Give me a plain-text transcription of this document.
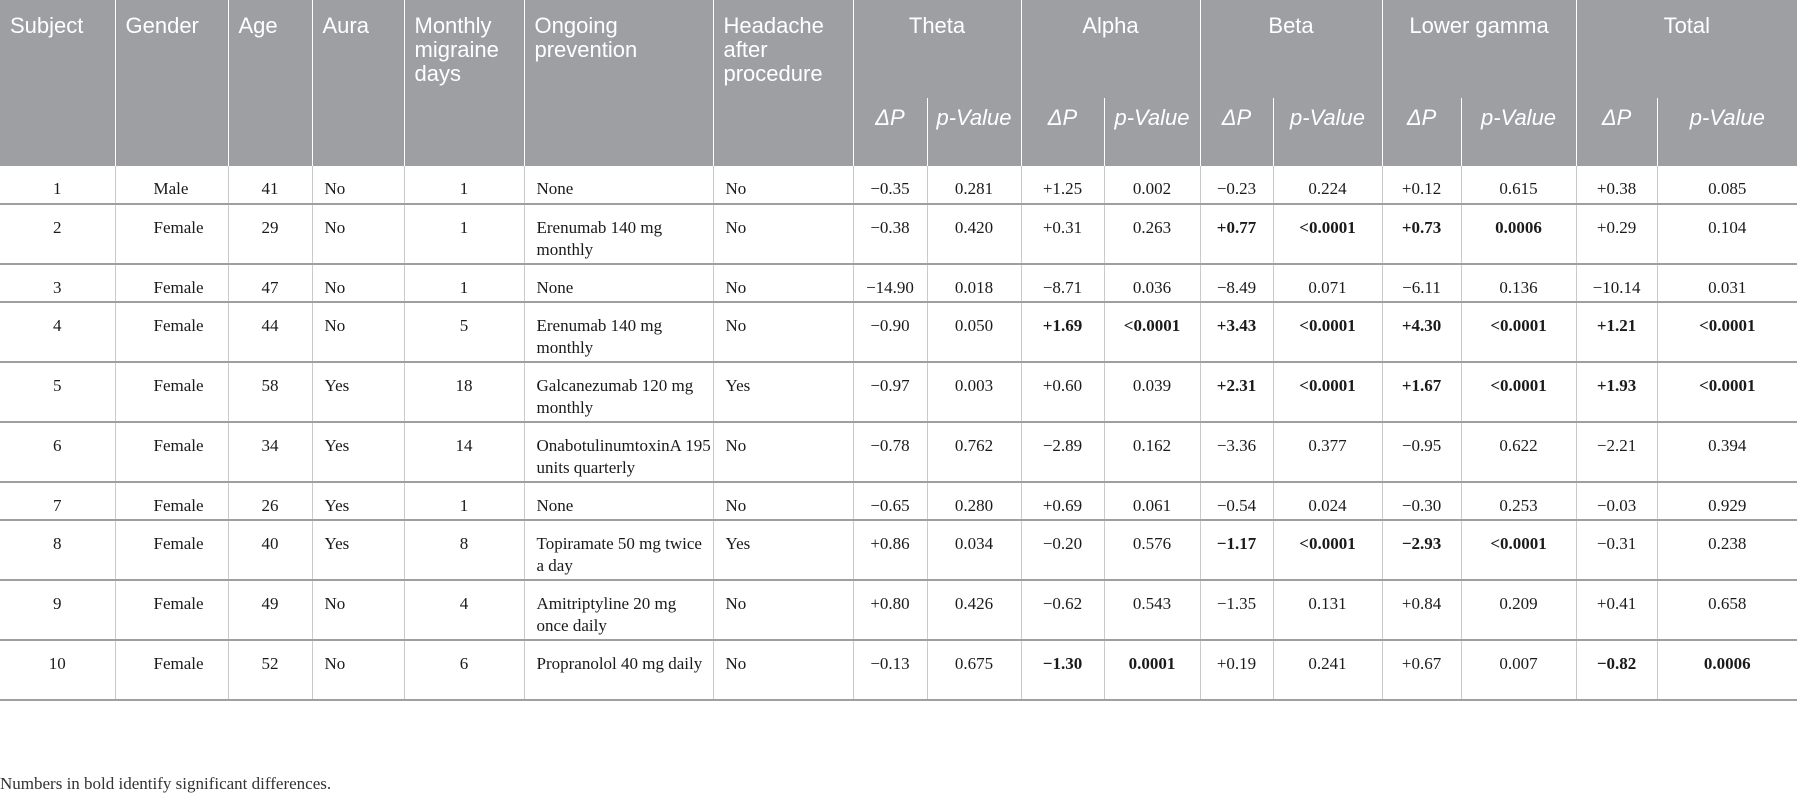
Subject	Gender	Age	Aura	Monthly migraine days	Ongoing prevention	Headache after procedure	Theta		Alpha		Beta		Lower gamma		Total	
							ΔP	p-Value	ΔP	p-Value	ΔP	p-Value	ΔP	p-Value	ΔP	p-Value
1	Male	41	No	1	None	No	−0.35	0.281	+1.25	0.002	−0.23	0.224	+0.12	0.615	+0.38	0.085
2	Female	29	No	1	Erenumab 140 mg monthly	No	−0.38	0.420	+0.31	0.263	+0.77	<0.0001	+0.73	0.0006	+0.29	0.104
3	Female	47	No	1	None	No	−14.90	0.018	−8.71	0.036	−8.49	0.071	−6.11	0.136	−10.14	0.031
4	Female	44	No	5	Erenumab 140 mg monthly	No	−0.90	0.050	+1.69	<0.0001	+3.43	<0.0001	+4.30	<0.0001	+1.21	<0.0001
5	Female	58	Yes	18	Galcanezumab 120 mg monthly	Yes	−0.97	0.003	+0.60	0.039	+2.31	<0.0001	+1.67	<0.0001	+1.93	<0.0001
6	Female	34	Yes	14	OnabotulinumtoxinA 195 units quarterly	No	−0.78	0.762	−2.89	0.162	−3.36	0.377	−0.95	0.622	−2.21	0.394
7	Female	26	Yes	1	None	No	−0.65	0.280	+0.69	0.061	−0.54	0.024	−0.30	0.253	−0.03	0.929
8	Female	40	Yes	8	Topiramate 50 mg twice a day	Yes	+0.86	0.034	−0.20	0.576	−1.17	<0.0001	−2.93	<0.0001	−0.31	0.238
9	Female	49	No	4	Amitriptyline 20 mg once daily	No	+0.80	0.426	−0.62	0.543	−1.35	0.131	+0.84	0.209	+0.41	0.658
10	Female	52	No	6	Propranolol 40 mg daily	No	−0.13	0.675	−1.30	0.0001	+0.19	0.241	+0.67	0.007	−0.82	0.0006
Numbers in bold identify significant differences.
